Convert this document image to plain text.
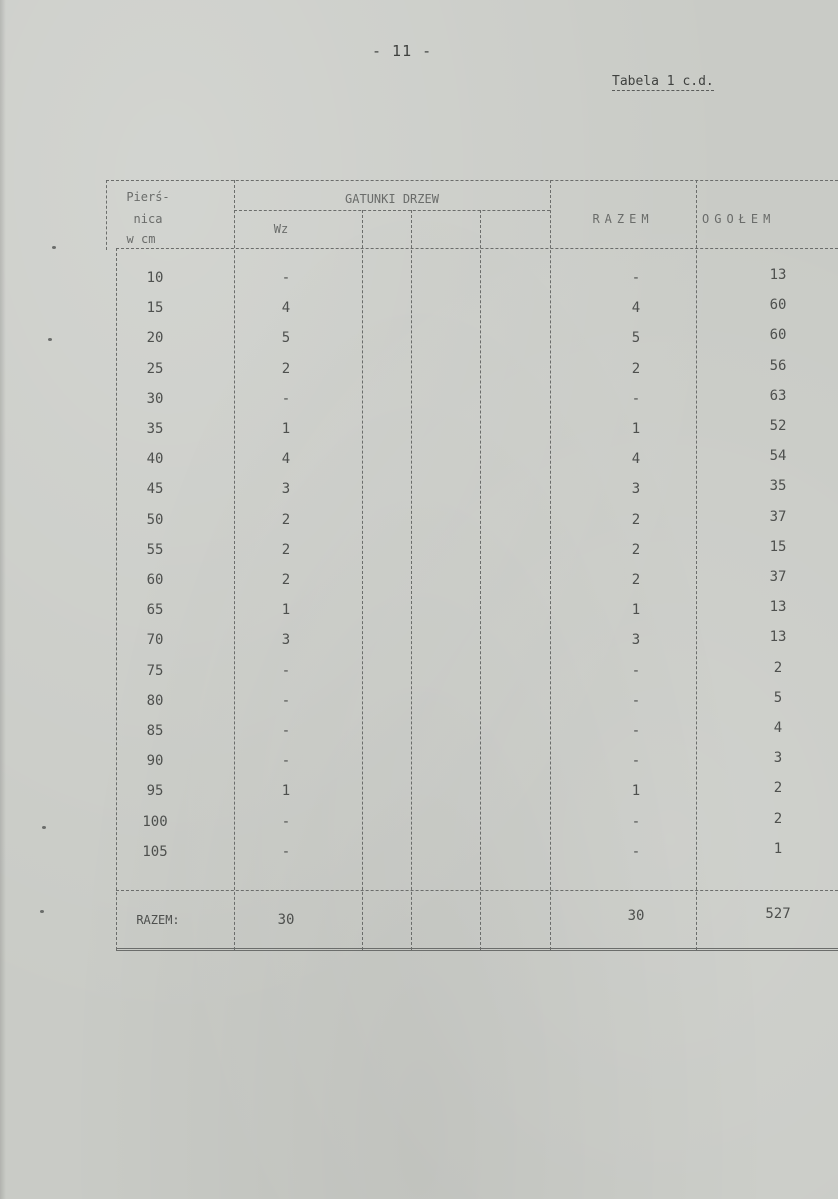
- 11 -
Tabela 1 c.d.
Pierś-
nica
w cm
GATUNKI DRZEW
Wz
RAZEM	OGOŁEM
10	-	-	13
15	4	4	60
20	5	5	60
25	2	2	56
30	-	-	63
35	1	1	52
40	4	4	54
45	3	3	35
50	2	2	37
55	2	2	15
60	2	2	37
65	1	1	13
70	3	3	13
75	-	-	2
80	-	-	5
85	-	-	4
90	-	-	3
95	1	1	2
100	-	-	2
105	-	-	1
RAZEM:	30	30	527
